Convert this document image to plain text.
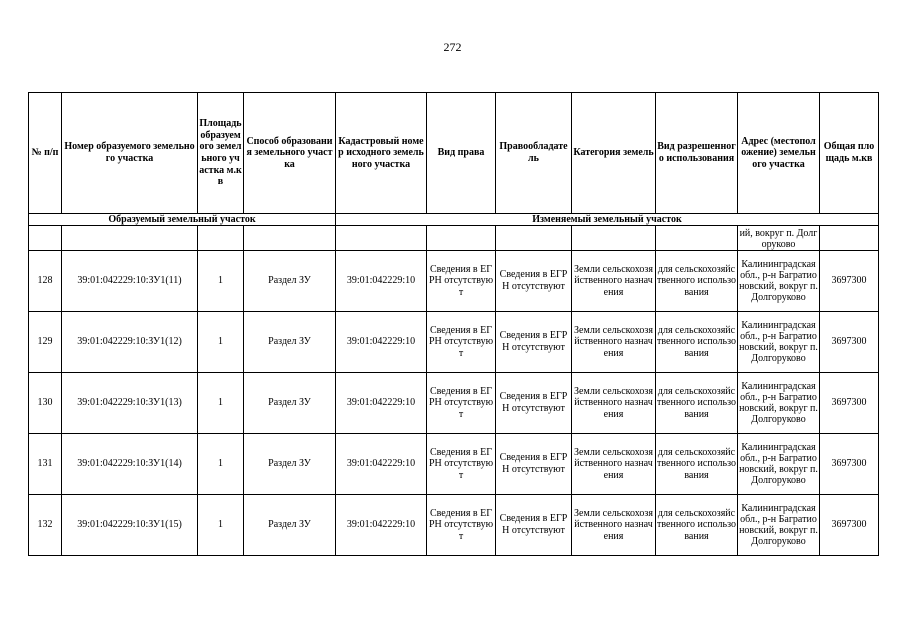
272
№ п/п	Номер образуемого земельного участка	Площадь образуемого земельного участка м.кв	Способ образования земельного участка	Кадастровый номер исходного земельного участка	Вид права	Правообладатель	Категория земель	Вид разрешенного использования	Адрес (местоположение) земельного участка	Общая площадь м.кв
Образуемый земельный участок				Изменяемый земельный участок						
									ий, вокруг п. Долгоруково	
128	39:01:042229:10:ЗУ1(11)	1	Раздел ЗУ	39:01:042229:10	Сведения в ЕГРН отсутствуют	Сведения в ЕГРН отсутствуют	Земли сельскохозяйственного назначения	для сельскохозяйственного использования	Калининградская обл., р-н Багратионовский, вокруг п. Долгоруково	3697300
129	39:01:042229:10:ЗУ1(12)	1	Раздел ЗУ	39:01:042229:10	Сведения в ЕГРН отсутствуют	Сведения в ЕГРН отсутствуют	Земли сельскохозяйственного назначения	для сельскохозяйственного использования	Калининградская обл., р-н Багратионовский, вокруг п. Долгоруково	3697300
130	39:01:042229:10:ЗУ1(13)	1	Раздел ЗУ	39:01:042229:10	Сведения в ЕГРН отсутствуют	Сведения в ЕГРН отсутствуют	Земли сельскохозяйственного назначения	для сельскохозяйственного использования	Калининградская обл., р-н Багратионовский, вокруг п. Долгоруково	3697300
131	39:01:042229:10:ЗУ1(14)	1	Раздел ЗУ	39:01:042229:10	Сведения в ЕГРН отсутствуют	Сведения в ЕГРН отсутствуют	Земли сельскохозяйственного назначения	для сельскохозяйственного использования	Калининградская обл., р-н Багратионовский, вокруг п. Долгоруково	3697300
132	39:01:042229:10:ЗУ1(15)	1	Раздел ЗУ	39:01:042229:10	Сведения в ЕГРН отсутствуют	Сведения в ЕГРН отсутствуют	Земли сельскохозяйственного назначения	для сельскохозяйственного использования	Калининградская обл., р-н Багратионовский, вокруг п. Долгоруково	3697300
